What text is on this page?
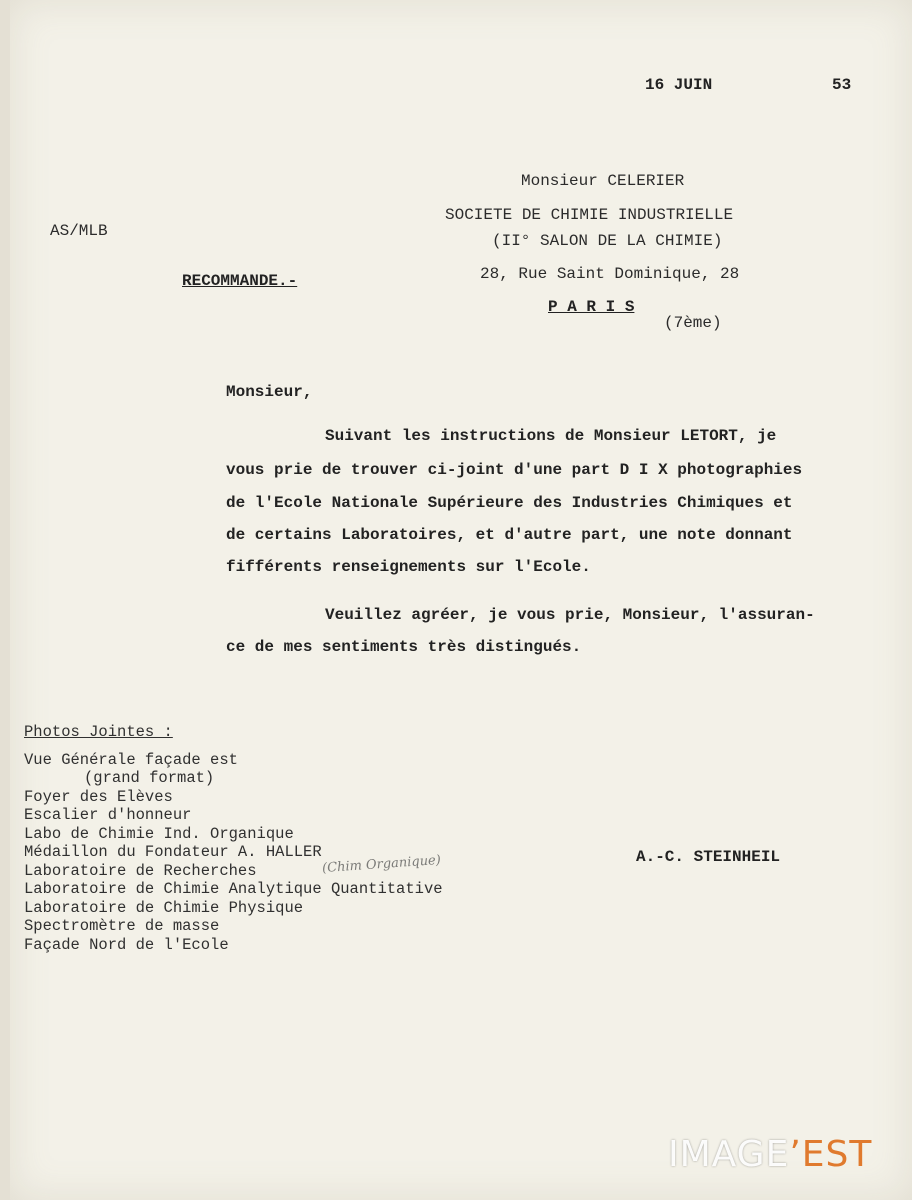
16 JUIN	53
AS/MLB
RECOMMANDE.-
Monsieur CELERIER
SOCIETE DE CHIMIE INDUSTRIELLE
(II° SALON DE LA CHIMIE)
28, Rue Saint Dominique, 28
P A R I S
(7ème)
Monsieur,
Suivant les instructions de Monsieur LETORT, je
vous prie de trouver ci-joint d'une part D I X photographies
de l'Ecole Nationale Supérieure des Industries Chimiques et
de certains Laboratoires, et d'autre part, une note donnant
fifférents renseignements sur l'Ecole.
Veuillez agréer, je vous prie, Monsieur, l'assuran-
ce de mes sentiments très distingués.
Photos Jointes :
Vue Générale façade est
(grand format)
Foyer des Elèves
Escalier d'honneur
Labo de Chimie Ind. Organique
Médaillon du Fondateur A. HALLER
Laboratoire de Recherches	(Chim Organique)
Laboratoire de Chimie Analytique Quantitative
Laboratoire de Chimie Physique
Spectromètre de masse
Façade Nord de l'Ecole
A.-C. STEINHEIL
IMAGE’EST
